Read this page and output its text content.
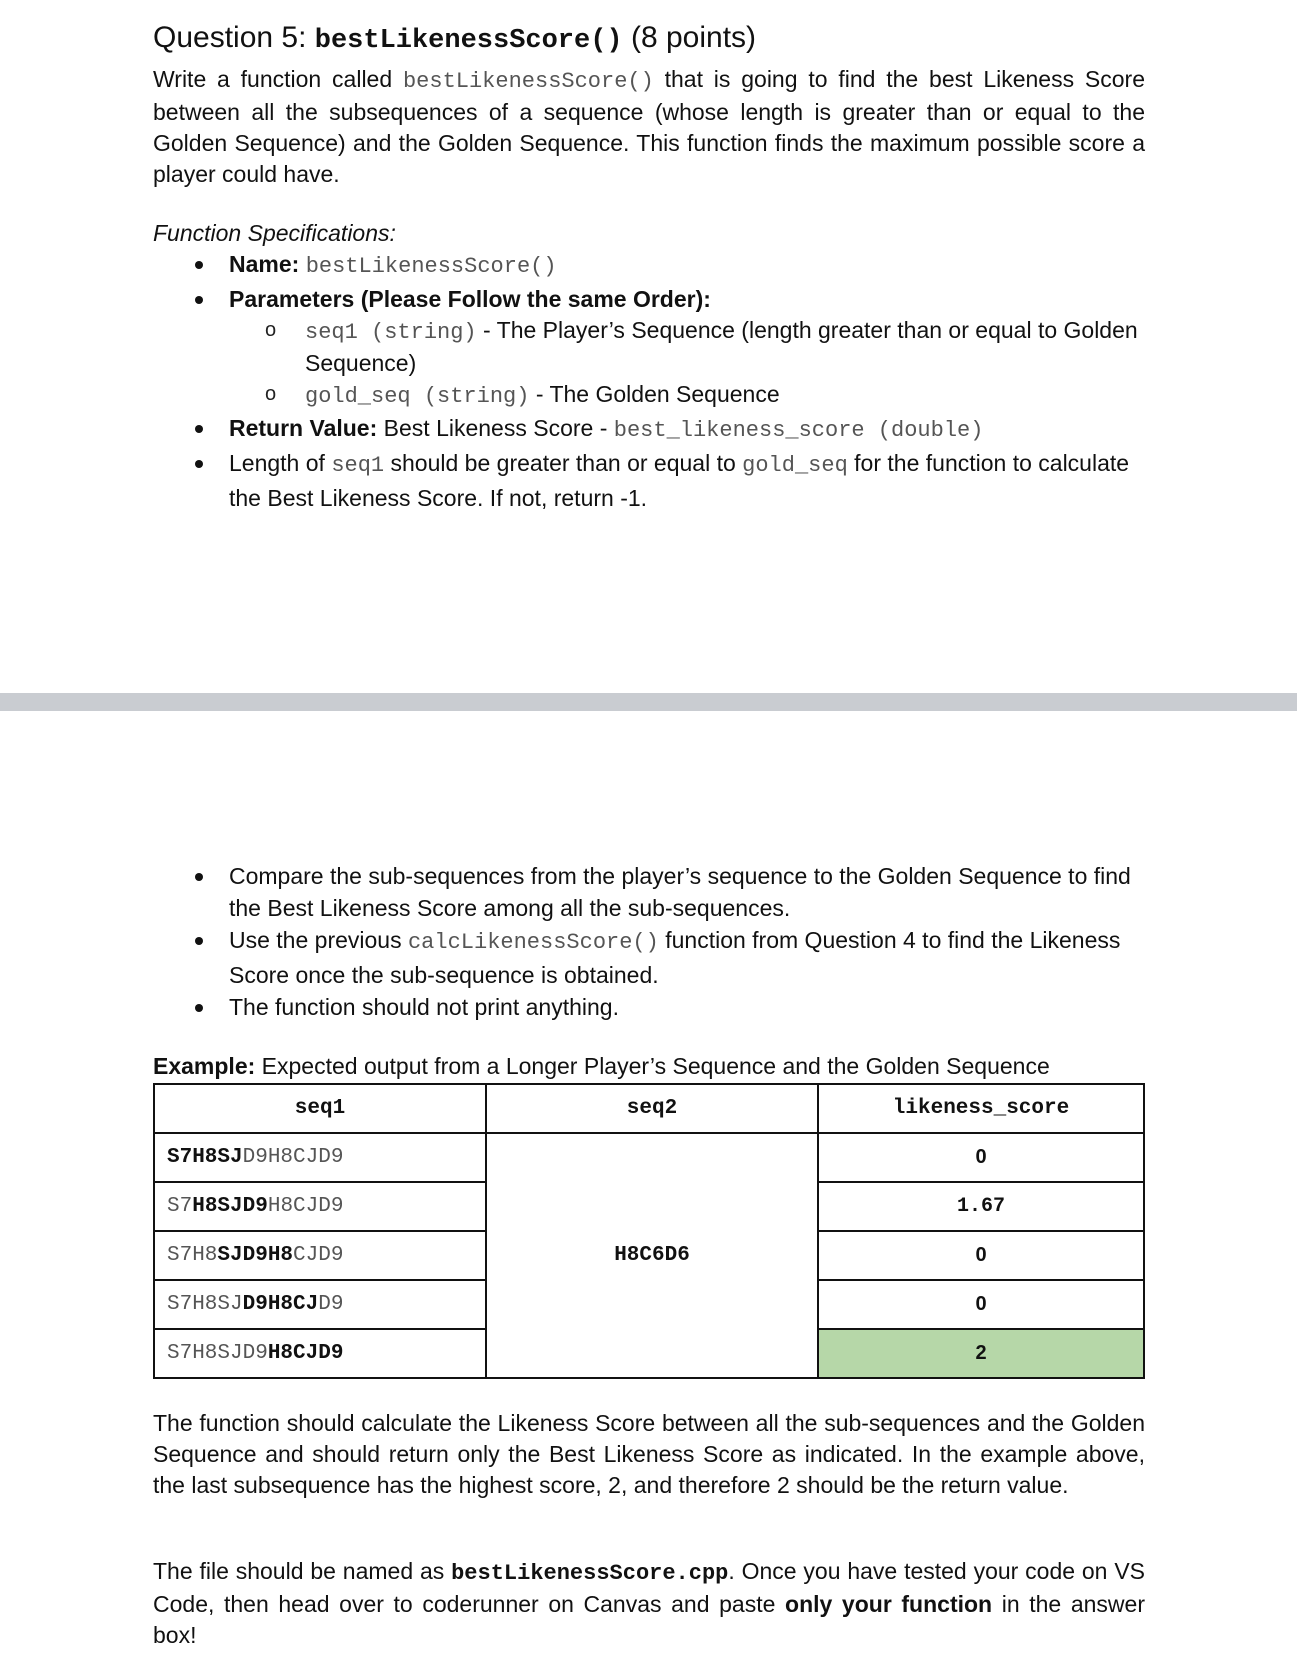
Question 5: bestLikenessScore() (8 points)

Write a function called bestLikenessScore() that is going to find the best Likeness Score between all the subsequences of a sequence (whose length is greater than or equal to the Golden Sequence) and the Golden Sequence. This function finds the maximum possible score a player could have.

Function Specifications:
Name: bestLikenessScore()
Parameters (Please Follow the same Order):
o seq1 (string) - The Player’s Sequence (length greater than or equal to Golden Sequence)
o gold_seq (string) - The Golden Sequence
Return Value: Best Likeness Score - best_likeness_score (double)
Length of seq1 should be greater than or equal to gold_seq for the function to calculate the Best Likeness Score. If not, return -1.
Compare the sub-sequences from the player’s sequence to the Golden Sequence to find the Best Likeness Score among all the sub-sequences.
Use the previous calcLikenessScore() function from Question 4 to find the Likeness Score once the sub-sequence is obtained.
The function should not print anything.
Example: Expected output from a Longer Player’s Sequence and the Golden Sequence
seq1	seq2	likeness_score
S7H8SJD9H8CJD9	H8C6D6	0
S7H8SJD9H8CJD9		1.67
S7H8SJD9H8CJD9		0
S7H8SJD9H8CJD9		0
S7H8SJD9H8CJD9		2

The function should calculate the Likeness Score between all the sub-sequences and the Golden Sequence and should return only the Best Likeness Score as indicated. In the example above, the last subsequence has the highest score, 2, and therefore 2 should be the return value.

The file should be named as bestLikenessScore.cpp. Once you have tested your code on VS Code, then head over to coderunner on Canvas and paste only your function in the answer box!
